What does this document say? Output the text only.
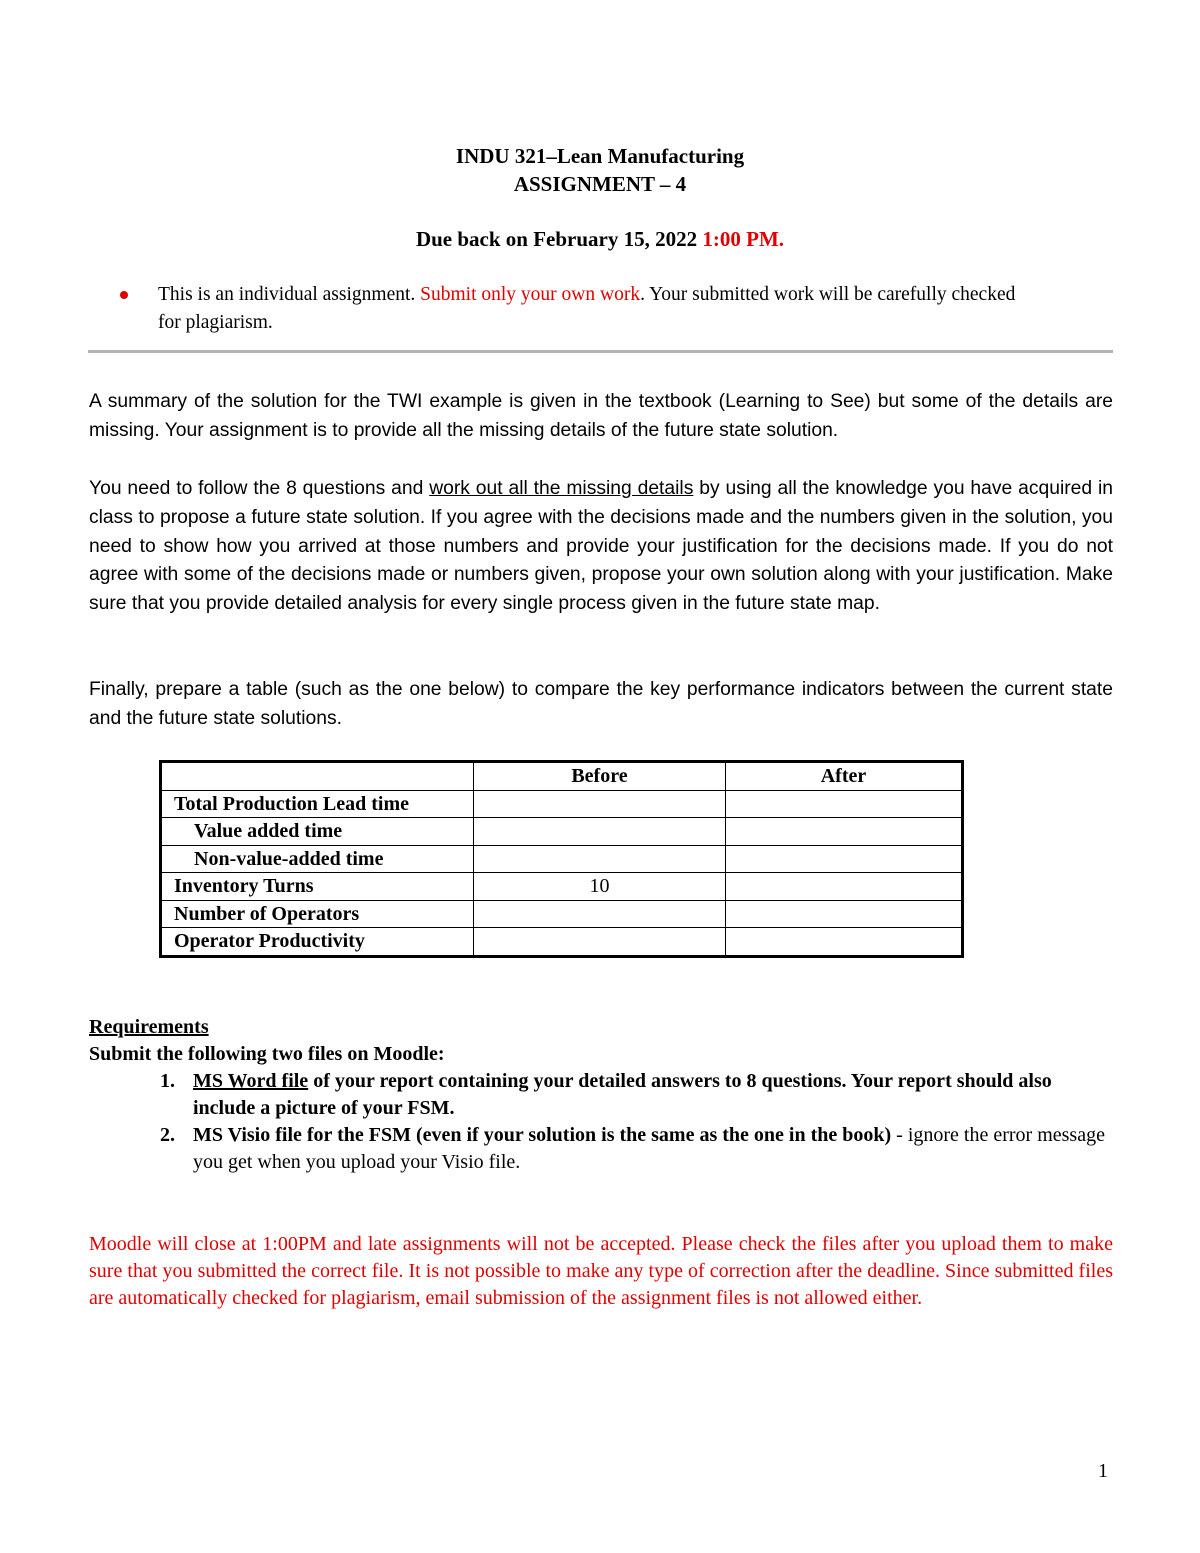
INDU 321–Lean Manufacturing
ASSIGNMENT – 4
Due back on February 15, 2022 1:00 PM.
This is an individual assignment. Submit only your own work. Your submitted work will be carefully checked for plagiarism.
A summary of the solution for the TWI example is given in the textbook (Learning to See) but some of the details are missing. Your assignment is to provide all the missing details of the future state solution.
You need to follow the 8 questions and work out all the missing details by using all the knowledge you have acquired in class to propose a future state solution. If you agree with the decisions made and the numbers given in the solution, you need to show how you arrived at those numbers and provide your justification for the decisions made. If you do not agree with some of the decisions made or numbers given, propose your own solution along with your justification. Make sure that you provide detailed analysis for every single process given in the future state map.
Finally, prepare a table (such as the one below) to compare the key performance indicators between the current state and the future state solutions.
	Before	After
Total Production Lead time		
Value added time		
Non-value-added time		
Inventory Turns	10	
Number of Operators		
Operator Productivity		
Requirements
Submit the following two files on Moodle:
1. MS Word file of your report containing your detailed answers to 8 questions. Your report should also include a picture of your FSM.
2. MS Visio file for the FSM (even if your solution is the same as the one in the book) - ignore the error message you get when you upload your Visio file.
Moodle will close at 1:00PM and late assignments will not be accepted. Please check the files after you upload them to make sure that you submitted the correct file. It is not possible to make any type of correction after the deadline. Since submitted files are automatically checked for plagiarism, email submission of the assignment files is not allowed either.
1
